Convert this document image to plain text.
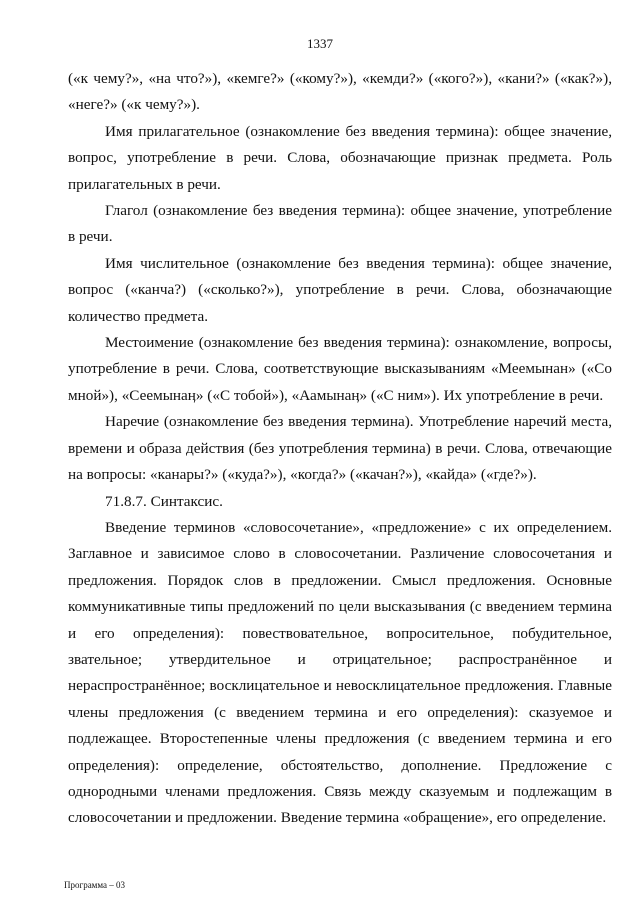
1337

(«к чему?», «на что?»), «кемге?» («кому?»), «кемди?» («кого?»), «кани?» («как?»), «неге?» («к чему?»).

Имя прилагательное (ознакомление без введения термина): общее значение, вопрос, употребление в речи. Слова, обозначающие признак предмета. Роль прилагательных в речи.

Глагол (ознакомление без введения термина): общее значение, употребление в речи.

Имя числительное (ознакомление без введения термина): общее значение, вопрос («канча?) («сколько?»), употребление в речи. Слова, обозначающие количество предмета.

Местоимение (ознакомление без введения термина): ознакомление, вопросы, употребление в речи. Слова, соответствующие высказываниям «Меемынан» («Со мной»), «Сеемынаӊ» («С тобой»), «Аамынаӊ» («С ним»). Их употребление в речи.

Наречие (ознакомление без введения термина). Употребление наречий места, времени и образа действия (без употребления термина) в речи. Слова, отвечающие на вопросы: «канары?» («куда?»), «когда?» («качан?»), «кайда» («где?»).

71.8.7. Синтаксис.

Введение терминов «словосочетание», «предложение» с их определением. Заглавное и зависимое слово в словосочетании. Различение словосочетания и предложения. Порядок слов в предложении. Смысл предложения. Основные коммуникативные типы предложений по цели высказывания (с введением термина и его определения): повествовательное, вопросительное, побудительное, звательное; утвердительное и отрицательное; распространённое и нераспространённое; восклицательное и невосклицательное предложения. Главные члены предложения (с введением термина и его определения): сказуемое и подлежащее. Второстепенные члены предложения (с введением термина и его определения): определение, обстоятельство, дополнение. Предложение с однородными членами предложения. Связь между сказуемым и подлежащим в словосочетании и предложении. Введение термина «обращение», его определение.

Программа – 03
